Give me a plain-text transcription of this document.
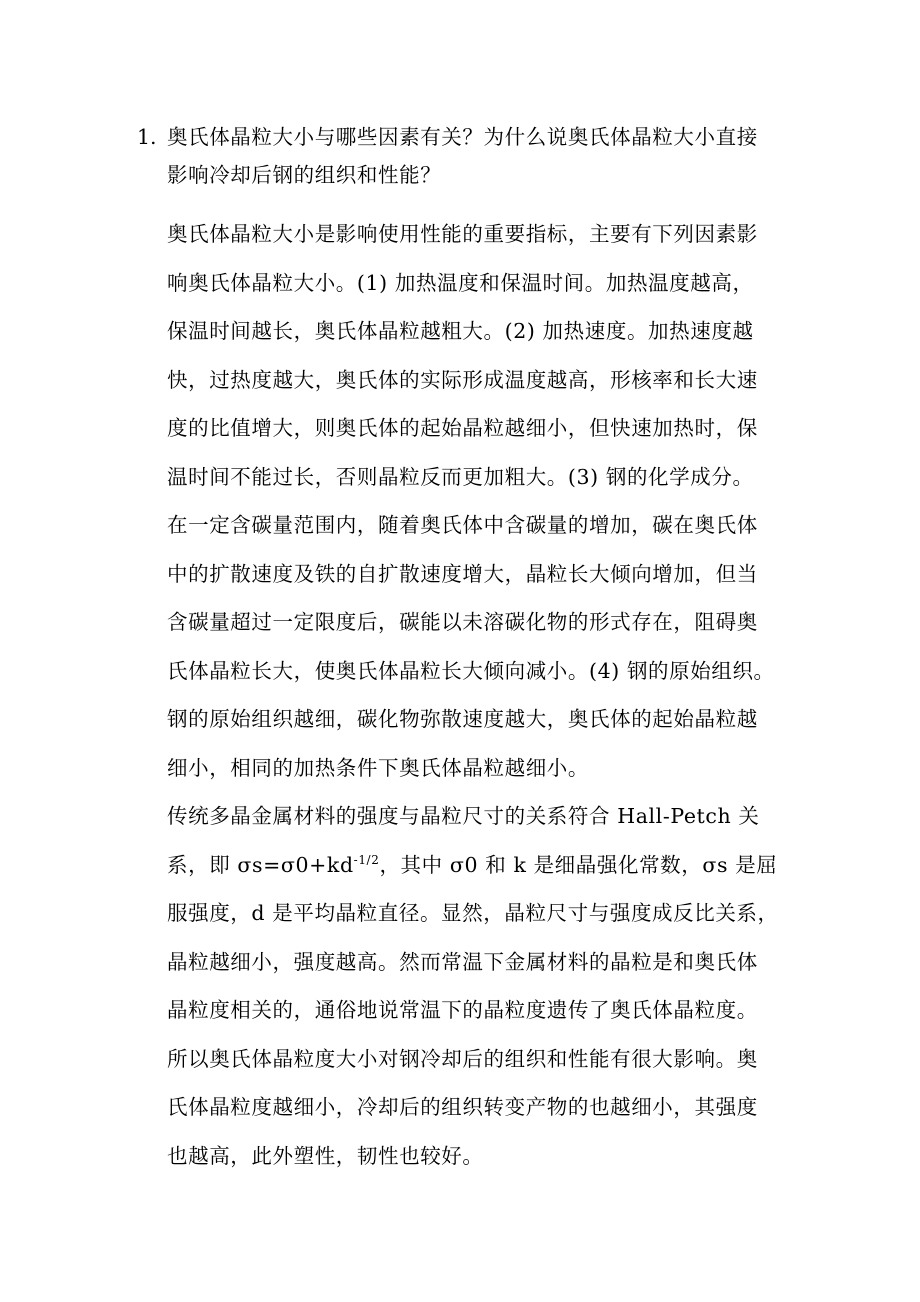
1. 奥氏体晶粒大小与哪些因素有关？为什么说奥氏体晶粒大小直接
影响冷却后钢的组织和性能？

奥氏体晶粒大小是影响使用性能的重要指标，主要有下列因素影
响奥氏体晶粒大小。(1) 加热温度和保温时间。加热温度越高，
保温时间越长，奥氏体晶粒越粗大。(2) 加热速度。加热速度越
快，过热度越大，奥氏体的实际形成温度越高，形核率和长大速
度的比值增大，则奥氏体的起始晶粒越细小，但快速加热时，保
温时间不能过长，否则晶粒反而更加粗大。(3) 钢的化学成分。
在一定含碳量范围内，随着奥氏体中含碳量的增加，碳在奥氏体
中的扩散速度及铁的自扩散速度增大，晶粒长大倾向增加，但当
含碳量超过一定限度后，碳能以未溶碳化物的形式存在，阻碍奥
氏体晶粒长大，使奥氏体晶粒长大倾向减小。(4) 钢的原始组织。
钢的原始组织越细，碳化物弥散速度越大，奥氏体的起始晶粒越
细小，相同的加热条件下奥氏体晶粒越细小。

传统多晶金属材料的强度与晶粒尺寸的关系符合 Hall-Petch 关
系，即 $\sigma s=\sigma 0+kd^{-1/2}$，其中 σ0 和 k 是细晶强化常数，σs 是屈
服强度，d 是平均晶粒直径。显然，晶粒尺寸与强度成反比关系，
晶粒越细小，强度越高。然而常温下金属材料的晶粒是和奥氏体
晶粒度相关的，通俗地说常温下的晶粒度遗传了奥氏体晶粒度。
所以奥氏体晶粒度大小对钢冷却后的组织和性能有很大影响。奥
氏体晶粒度越细小，冷却后的组织转变产物的也越细小，其强度
也越高，此外塑性，韧性也较好。
